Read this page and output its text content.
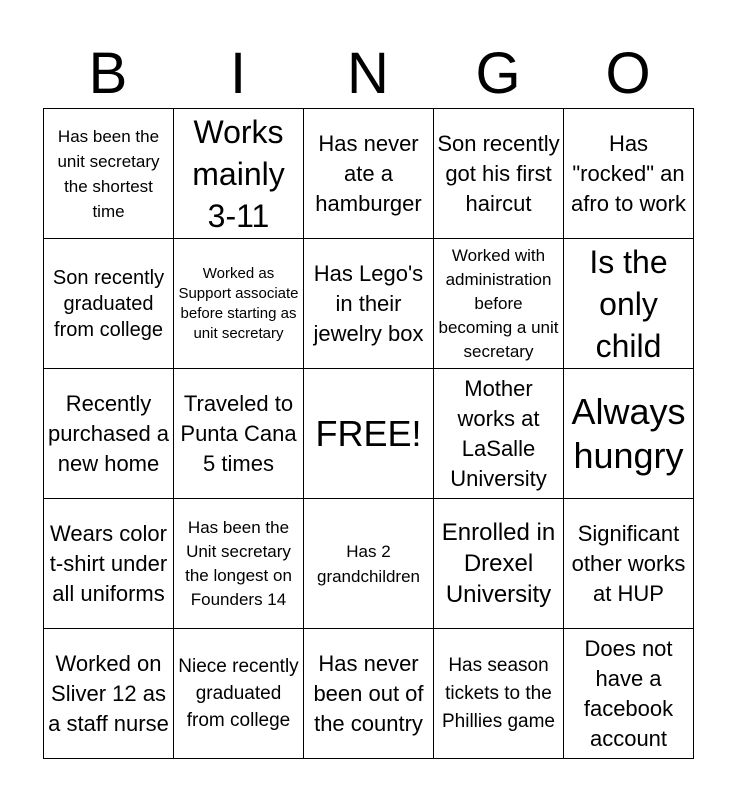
B	I	N	G	O
Has been the unit secretary the shortest time	Works mainly 3-11	Has never ate a hamburger	Son recently got his first haircut	Has "rocked" an afro to work

Son recently graduated from college	Worked as Support associate before starting as unit secretary	Has Lego's in their jewelry box	Worked with administration before becoming a unit secretary	Is the only child

Recently purchased a new home	Traveled to Punta Cana 5 times	FREE!	Mother works at LaSalle University	Always hungry

Wears color t-shirt under all uniforms	Has been the Unit secretary the longest on Founders 14	Has 2 grandchildren	Enrolled in Drexel University	Significant other works at HUP

Worked on Sliver 12 as a staff nurse	Niece recently graduated from college	Has never been out of the country	Has season tickets to the Phillies game	Does not have a facebook account
